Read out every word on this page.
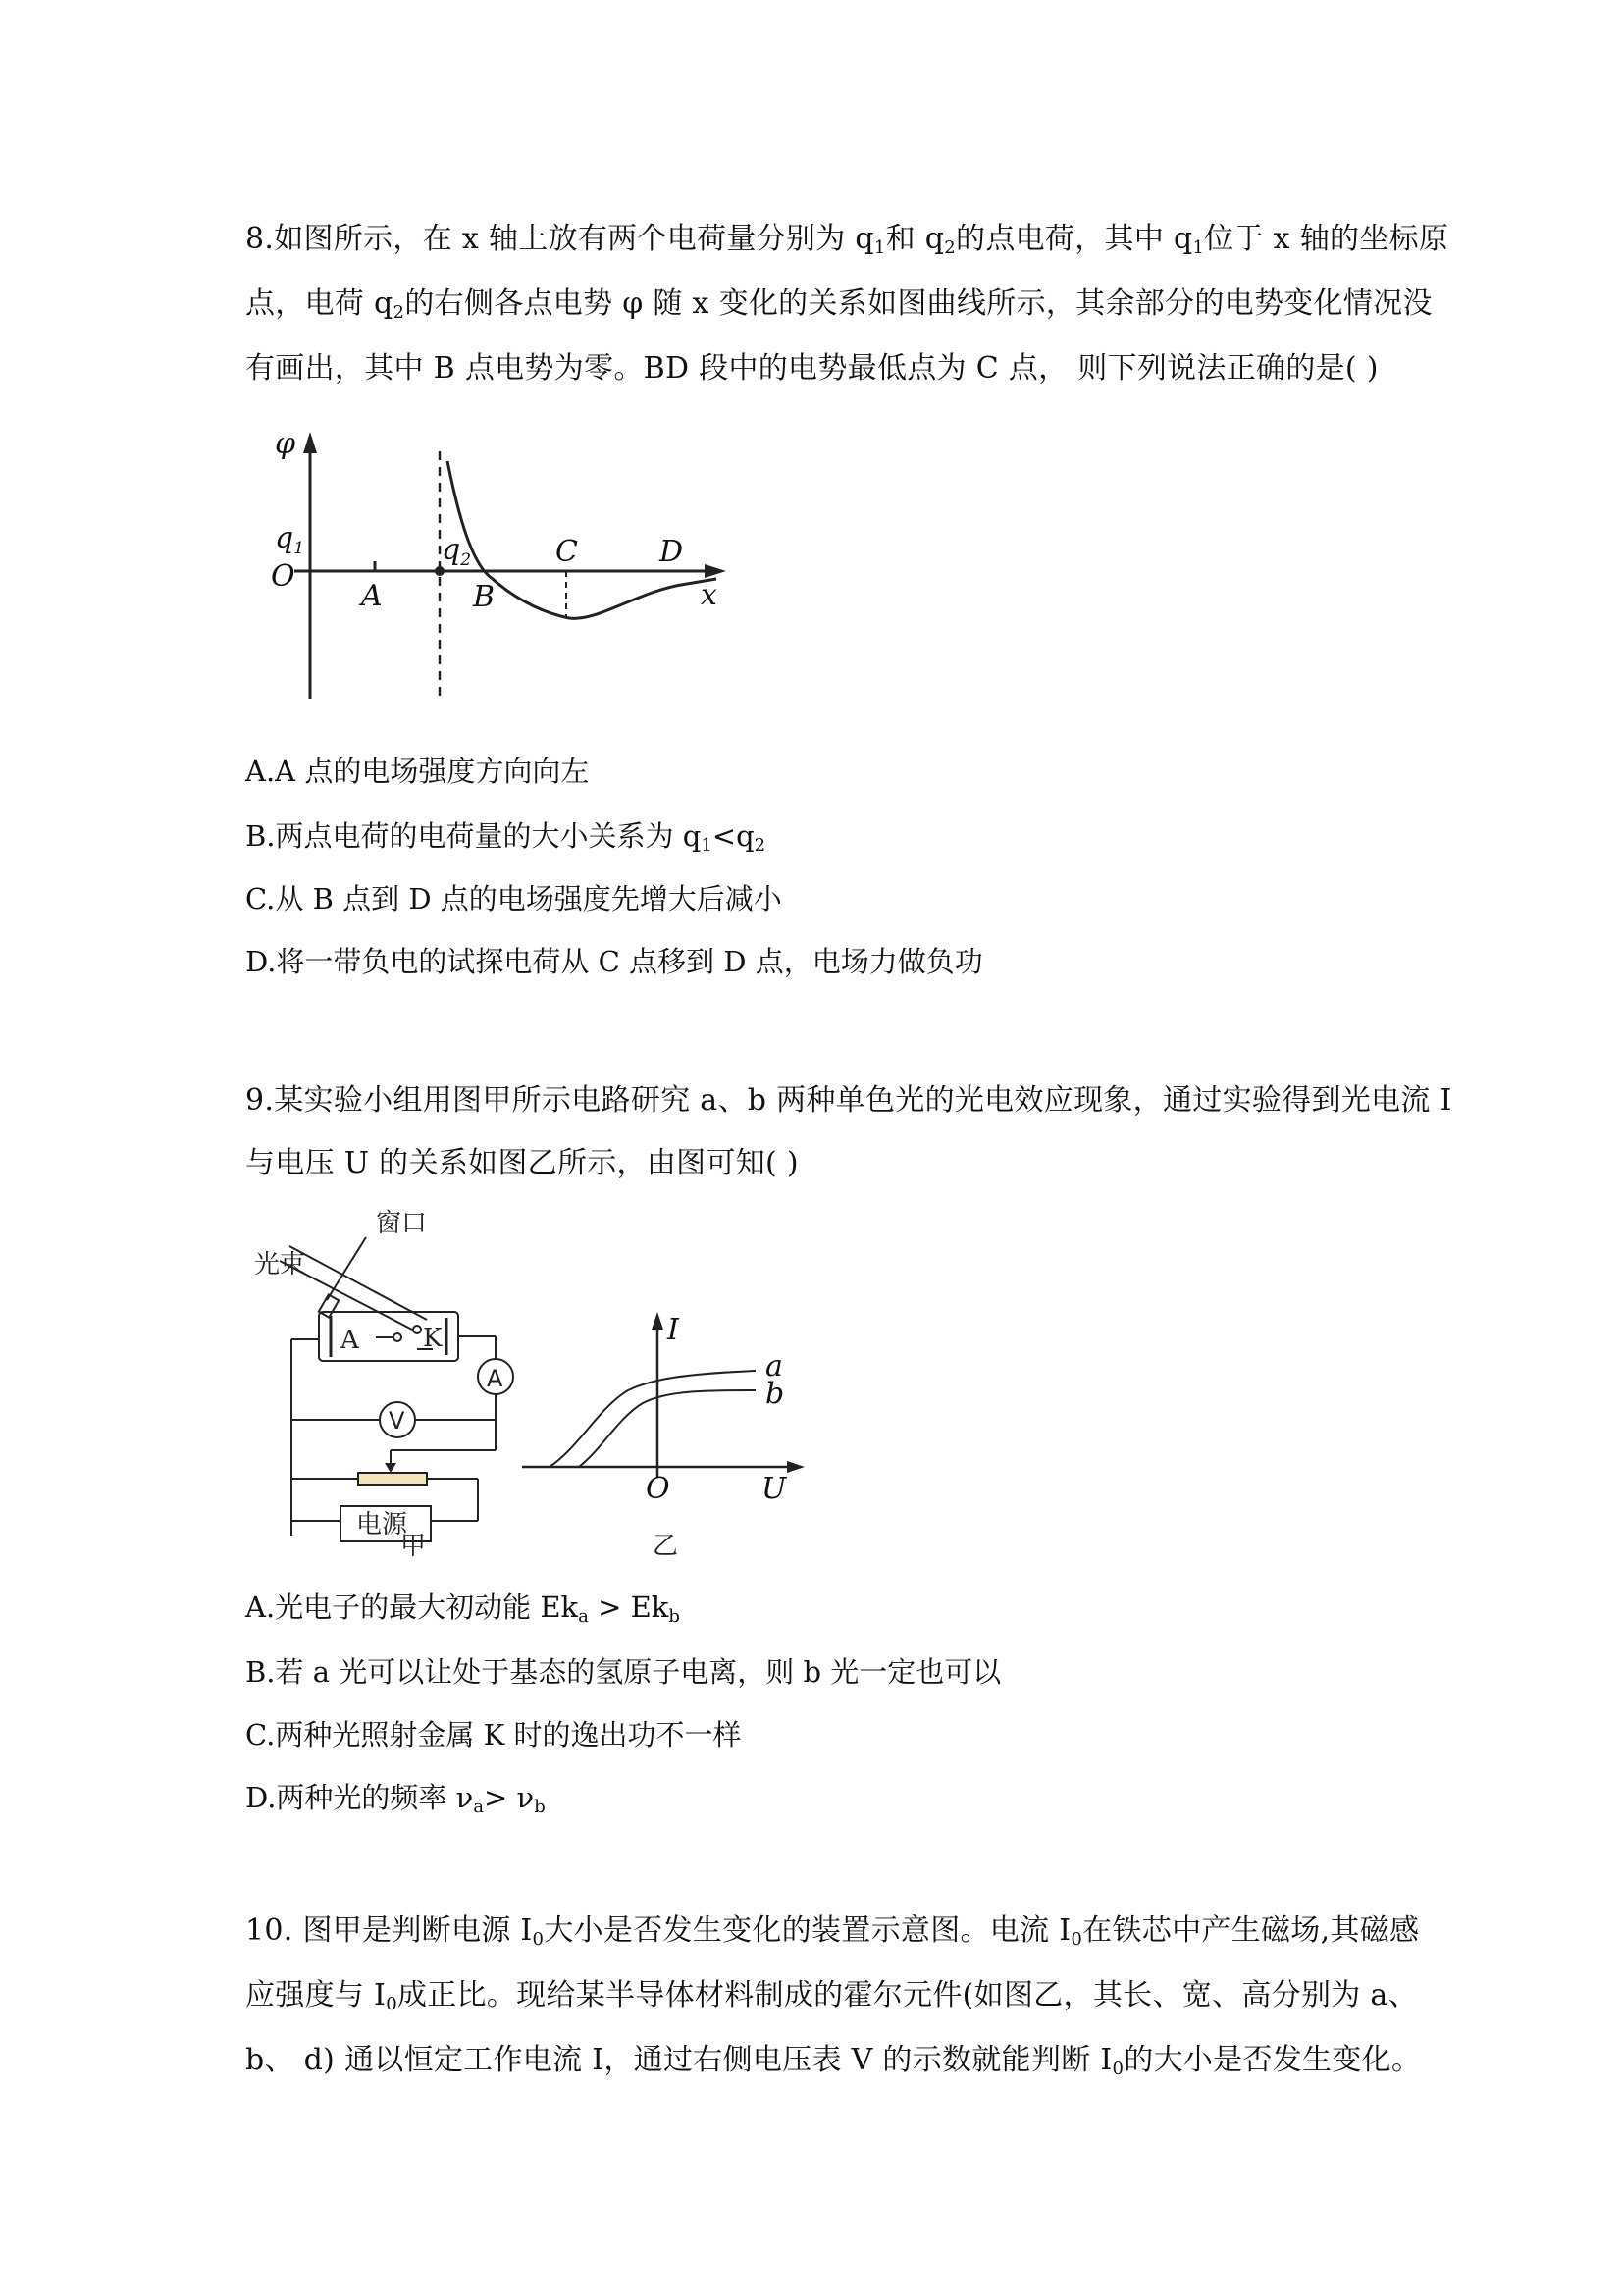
8.如图所示，在 x 轴上放有两个电荷量分别为 $q_1$和 $q_2$的点电荷，其中 $q_1$位于 x 轴的坐标原
点，电荷 $q_2$的右侧各点电势 φ 随 x 变化的关系如图曲线所示，其余部分的电势变化情况没
有画出，其中 B 点电势为零。BD 段中的电势最低点为 C 点， 则下列说法正确的是( )
φ
$q_1$
O
A
$q_2$
B
C	D
x
A.A 点的电场强度方向向左
B.两点电荷的电荷量的大小关系为 $q_1<q_2$
C.从 B 点到 D 点的电场强度先增大后减小
D.将一带负电的试探电荷从 C 点移到 D 点，电场力做负功
9.某实验小组用图甲所示电路研究 a、b 两种单色光的光电效应现象，通过实验得到光电流 I
与电压 U 的关系如图乙所示，由图可知( )
窗口
光束
A	K
A
V
电源
甲
I
a
b
O	U
乙
A.光电子的最大初动能 $Ek_a > Ek_b$
B.若 a 光可以让处于基态的氢原子电离，则 b 光一定也可以
C.两种光照射金属 K 时的逸出功不一样
D.两种光的频率 $\nu_a> \nu_b$
10. 图甲是判断电源 $I_0$大小是否发生变化的装置示意图。电流 $I_0$在铁芯中产生磁场,其磁感
应强度与 $I_0$成正比。现给某半导体材料制成的霍尔元件(如图乙，其长、宽、高分别为 a、
b、 d) 通以恒定工作电流 I，通过右侧电压表 V 的示数就能判断 $I_0$的大小是否发生变化。
